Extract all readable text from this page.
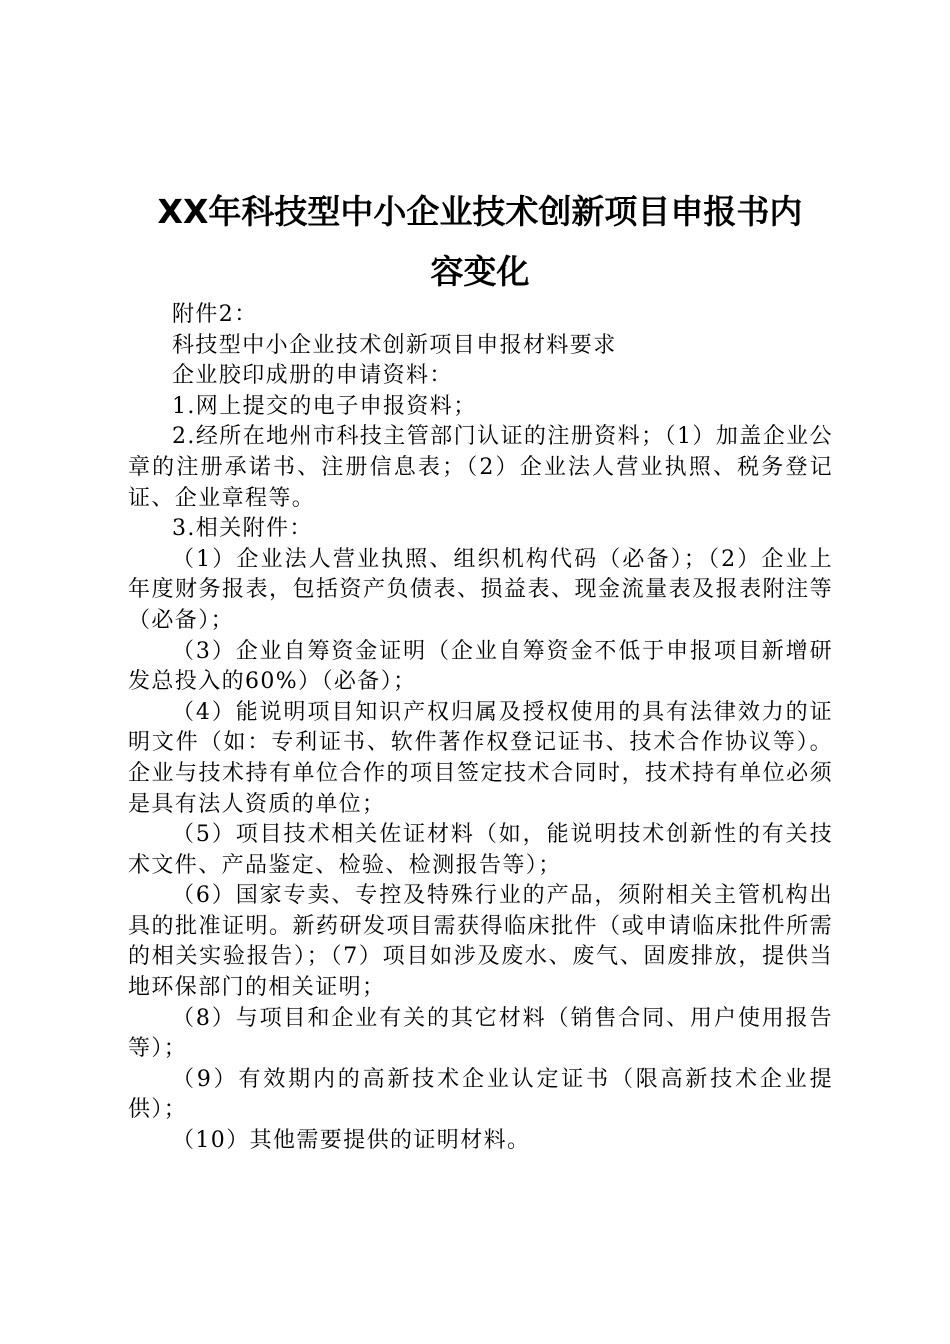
XX年科技型中小企业技术创新项目申报书内
容变化

附件2：

科技型中小企业技术创新项目申报材料要求

企业胶印成册的申请资料：

1.网上提交的电子申报资料；

2.经所在地州市科技主管部门认证的注册资料；（1）加盖企业公章的注册承诺书、注册信息表；（2）企业法人营业执照、税务登记证、企业章程等。

3.相关附件：

（1）企业法人营业执照、组织机构代码（必备）；（2）企业上年度财务报表，包括资产负债表、损益表、现金流量表及报表附注等（必备）；

（3）企业自筹资金证明（企业自筹资金不低于申报项目新增研发总投入的60%）（必备）；

（4）能说明项目知识产权归属及授权使用的具有法律效力的证明文件（如：专利证书、软件著作权登记证书、技术合作协议等）。企业与技术持有单位合作的项目签定技术合同时，技术持有单位必须是具有法人资质的单位；

（5）项目技术相关佐证材料（如，能说明技术创新性的有关技术文件、产品鉴定、检验、检测报告等）；

（6）国家专卖、专控及特殊行业的产品，须附相关主管机构出具的批准证明。新药研发项目需获得临床批件（或申请临床批件所需的相关实验报告）；（7）项目如涉及废水、废气、固废排放，提供当地环保部门的相关证明；

（8）与项目和企业有关的其它材料（销售合同、用户使用报告等）；

（9）有效期内的高新技术企业认定证书（限高新技术企业提供）；

（10）其他需要提供的证明材料。
